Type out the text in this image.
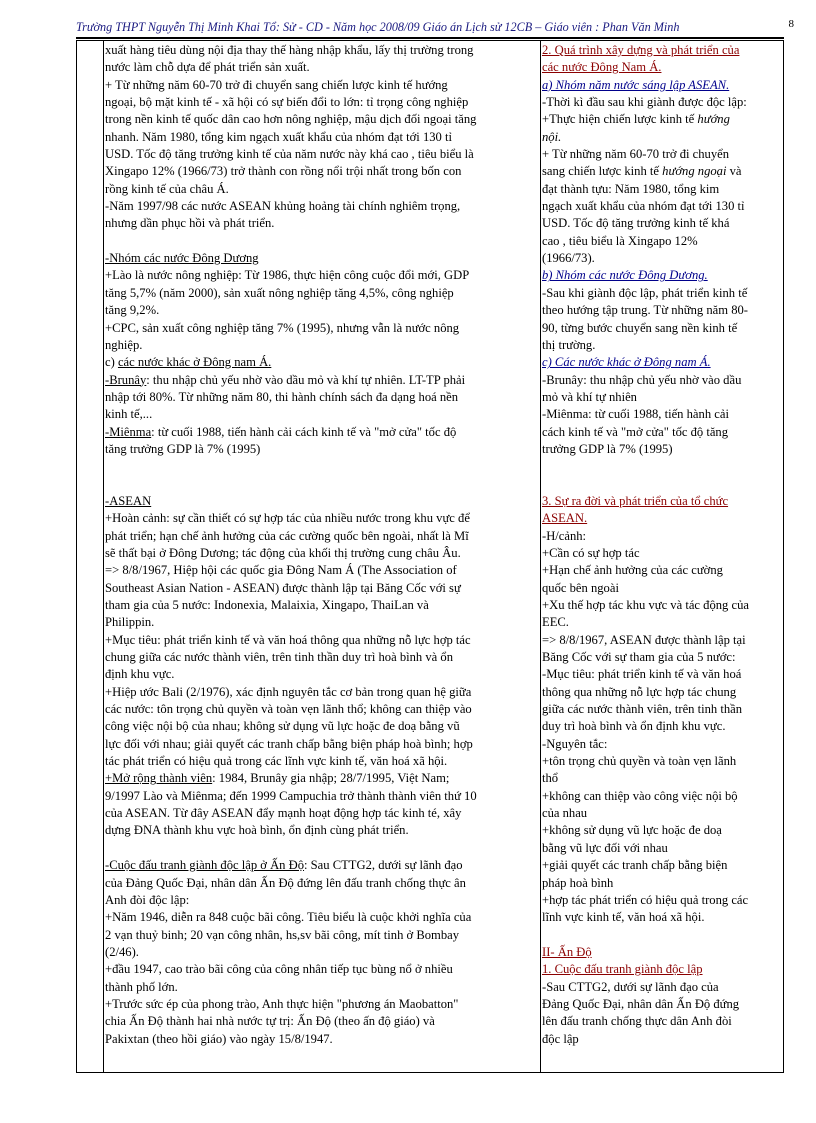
Trường THPT Nguyễn Thị Minh Khai Tổ: Sử - CD - Năm học 2008/09 Giáo án Lịch sử 12CB – Giáo viên : Phan Văn Minh	8
xuất hàng tiêu dùng nội địa thay thế hàng nhập khẩu, lấy thị trường trong
nước làm chỗ dựa để phát triển sản xuất.
+ Từ những năm 60-70 trở đi chuyển sang chiến lược kinh tế hướng
ngoại, bộ mặt kinh tế - xã hội có sự biến đổi to lớn: tỉ trọng công nghiệp
trong nền kinh tế quốc dân cao hơn nông nghiệp, mậu dịch đối ngoại tăng
nhanh. Năm 1980, tổng kim ngạch xuất khẩu của nhóm đạt tới 130 tỉ
USD. Tốc độ tăng trưởng kinh tế của năm nước này khá cao , tiêu biểu là
Xingapo 12% (1966/73) trở thành con rồng nổi trội nhất trong bốn con
rồng kinh tế của châu Á.
-Năm 1997/98 các nước ASEAN khủng hoảng tài chính nghiêm trọng,
nhưng dần phục hồi và phát triển.
-Nhóm các nước Đông Dương
+Lào là nước nông nghiệp: Từ 1986, thực hiện công cuộc đổi mới, GDP
tăng 5,7% (năm 2000), sản xuất nông nghiệp tăng 4,5%, công nghiệp
tăng 9,2%.
+CPC, sản xuất công nghiệp tăng 7% (1995), nhưng vẫn là nước nông
nghiệp.
c) các nước khác ở Đông nam Á.
-Brunây: thu nhập chủ yếu nhờ vào dầu mỏ và khí tự nhiên. LT-TP phải
nhập tới 80%. Từ những năm 80, thi hành chính sách đa dạng hoá nền
kinh tế,...
-Miênma: từ cuối 1988, tiến hành cải cách kinh tế và "mở cửa" tốc độ
tăng trưởng GDP là 7% (1995)
-ASEAN
+Hoàn cảnh: sự cần thiết có sự hợp tác của nhiều nước trong khu vực để
phát triển; hạn chế ảnh hưởng của các cường quốc bên ngoài, nhất là Mĩ
sẽ thất bại ở Đông Dương; tác động của khối thị trường cung châu Âu.
=> 8/8/1967, Hiệp hội các quốc gia Đông Nam Á (The Association of
Southeast Asian Nation - ASEAN) được thành lập tại Băng Cốc với sự
tham gia của 5 nước: Indonexia, Malaixia, Xingapo, ThaiLan và
Philippin.
+Mục tiêu: phát triển kinh tế và văn hoá thông qua những nỗ lực hợp tác
chung giữa các nước thành viên, trên tinh thần duy trì hoà bình và ổn
định khu vực.
+Hiệp ước Bali (2/1976), xác định nguyên tắc cơ bản trong quan hệ giữa
các nước: tôn trọng chủ quyền và toàn vẹn lãnh thổ; không can thiệp vào
công việc nội bộ của nhau; không sử dụng vũ lực hoặc đe doạ bằng vũ
lực đối với nhau; giải quyết các tranh chấp bằng biện pháp hoà bình; hợp
tác phát triển có hiệu quả trong các lĩnh vực kinh tế, văn hoá xã hội.
+Mở rộng thành viên: 1984, Brunây gia nhập; 28/7/1995, Việt Nam;
9/1997 Lào và Miênma; đến 1999 Campuchia trở thành thành viên thứ 10
của ASEAN. Từ đây ASEAN đẩy mạnh hoạt động hợp tác kinh té, xây
dựng ĐNA thành khu vực hoà bình, ổn định cùng phát triển.
-Cuộc đấu tranh giành độc lập ở Ấn Độ: Sau CTTG2, dưới sự lãnh đạo
của Đảng Quốc Đại, nhân dân Ấn Độ đứng lên đấu tranh chống thực ân
Anh đòi độc lập:
+Năm 1946, diễn ra 848 cuộc bãi công. Tiêu biểu là cuộc khởi nghĩa của
2 vạn thuỷ binh; 20 vạn công nhân, hs,sv bãi công, mít tinh ở Bombay
(2/46).
+đầu 1947, cao trào bãi công của công nhân tiếp tục bùng nổ ở nhiều
thành phố lớn.
+Trước sức ép của phong trào, Anh thực hiện "phương án Maobatton"
chia Ấn Độ thành hai nhà nước tự trị: Ấn Độ (theo ấn độ giáo) và
Pakixtan (theo hồi giáo) vào ngày 15/8/1947.
2. Quá trình xây dựng và phát triển của
các nước Đông Nam Á.
a) Nhóm năm nước sáng lập ASEAN.
-Thời kì đầu sau khi giành được độc lập:
+Thực hiện chiến lược kinh tế hướng
nội.
+ Từ những năm 60-70 trở đi chuyển
sang chiến lược kinh tế hướng ngoại và
đạt thành tựu: Năm 1980, tổng kim
ngạch xuất khẩu của nhóm đạt tới 130 tỉ
USD. Tốc độ tăng trưởng kinh tế khá
cao , tiêu biểu là Xingapo 12%
(1966/73).
b) Nhóm các nước Đông Dương.
-Sau khi giành độc lập, phát triển kinh tế
theo hướng tập trung. Từ những năm 80-
90, từng bước chuyển sang nền kinh tế
thị trường.
c) Các nước khác ở Đông nam Á.
-Brunây: thu nhập chủ yếu nhờ vào dầu
mỏ và khí tự nhiên
-Miênma: từ cuối 1988, tiến hành cải
cách kinh tế và "mở cửa" tốc độ tăng
trưởng GDP là 7% (1995)
3. Sự ra đời và phát triển của tổ chức
ASEAN.
-H/cảnh:
+Cần có sự hợp tác
+Hạn chế ảnh hưởng của các cường
quốc bên ngoài
+Xu thế hợp tác khu vực và tác động của
EEC.
=> 8/8/1967, ASEAN được thành lập tại
Băng Cốc với sự tham gia của 5 nước:
-Mục tiêu: phát triển kinh tế và văn hoá
thông qua những nỗ lực hợp tác chung
giữa các nước thành viên, trên tinh thần
duy trì hoà bình và ổn định khu vực.
-Nguyên tắc:
+tôn trọng chủ quyền và toàn vẹn lãnh
thổ
+không can thiệp vào công việc nội bộ
của nhau
+không sử dụng vũ lực hoặc đe doạ
bằng vũ lực đối với nhau
+giải quyết các tranh chấp bằng biện
pháp hoà bình
+hợp tác phát triển có hiệu quả trong các
lĩnh vực kinh tế, văn hoá xã hội.
II- Ấn Độ
1. Cuộc đấu tranh giành độc lập
-Sau CTTG2, dưới sự lãnh đạo của
Đảng Quốc Đại, nhân dân Ấn Độ đứng
lên đấu tranh chống thực dân Anh đòi
độc lập
